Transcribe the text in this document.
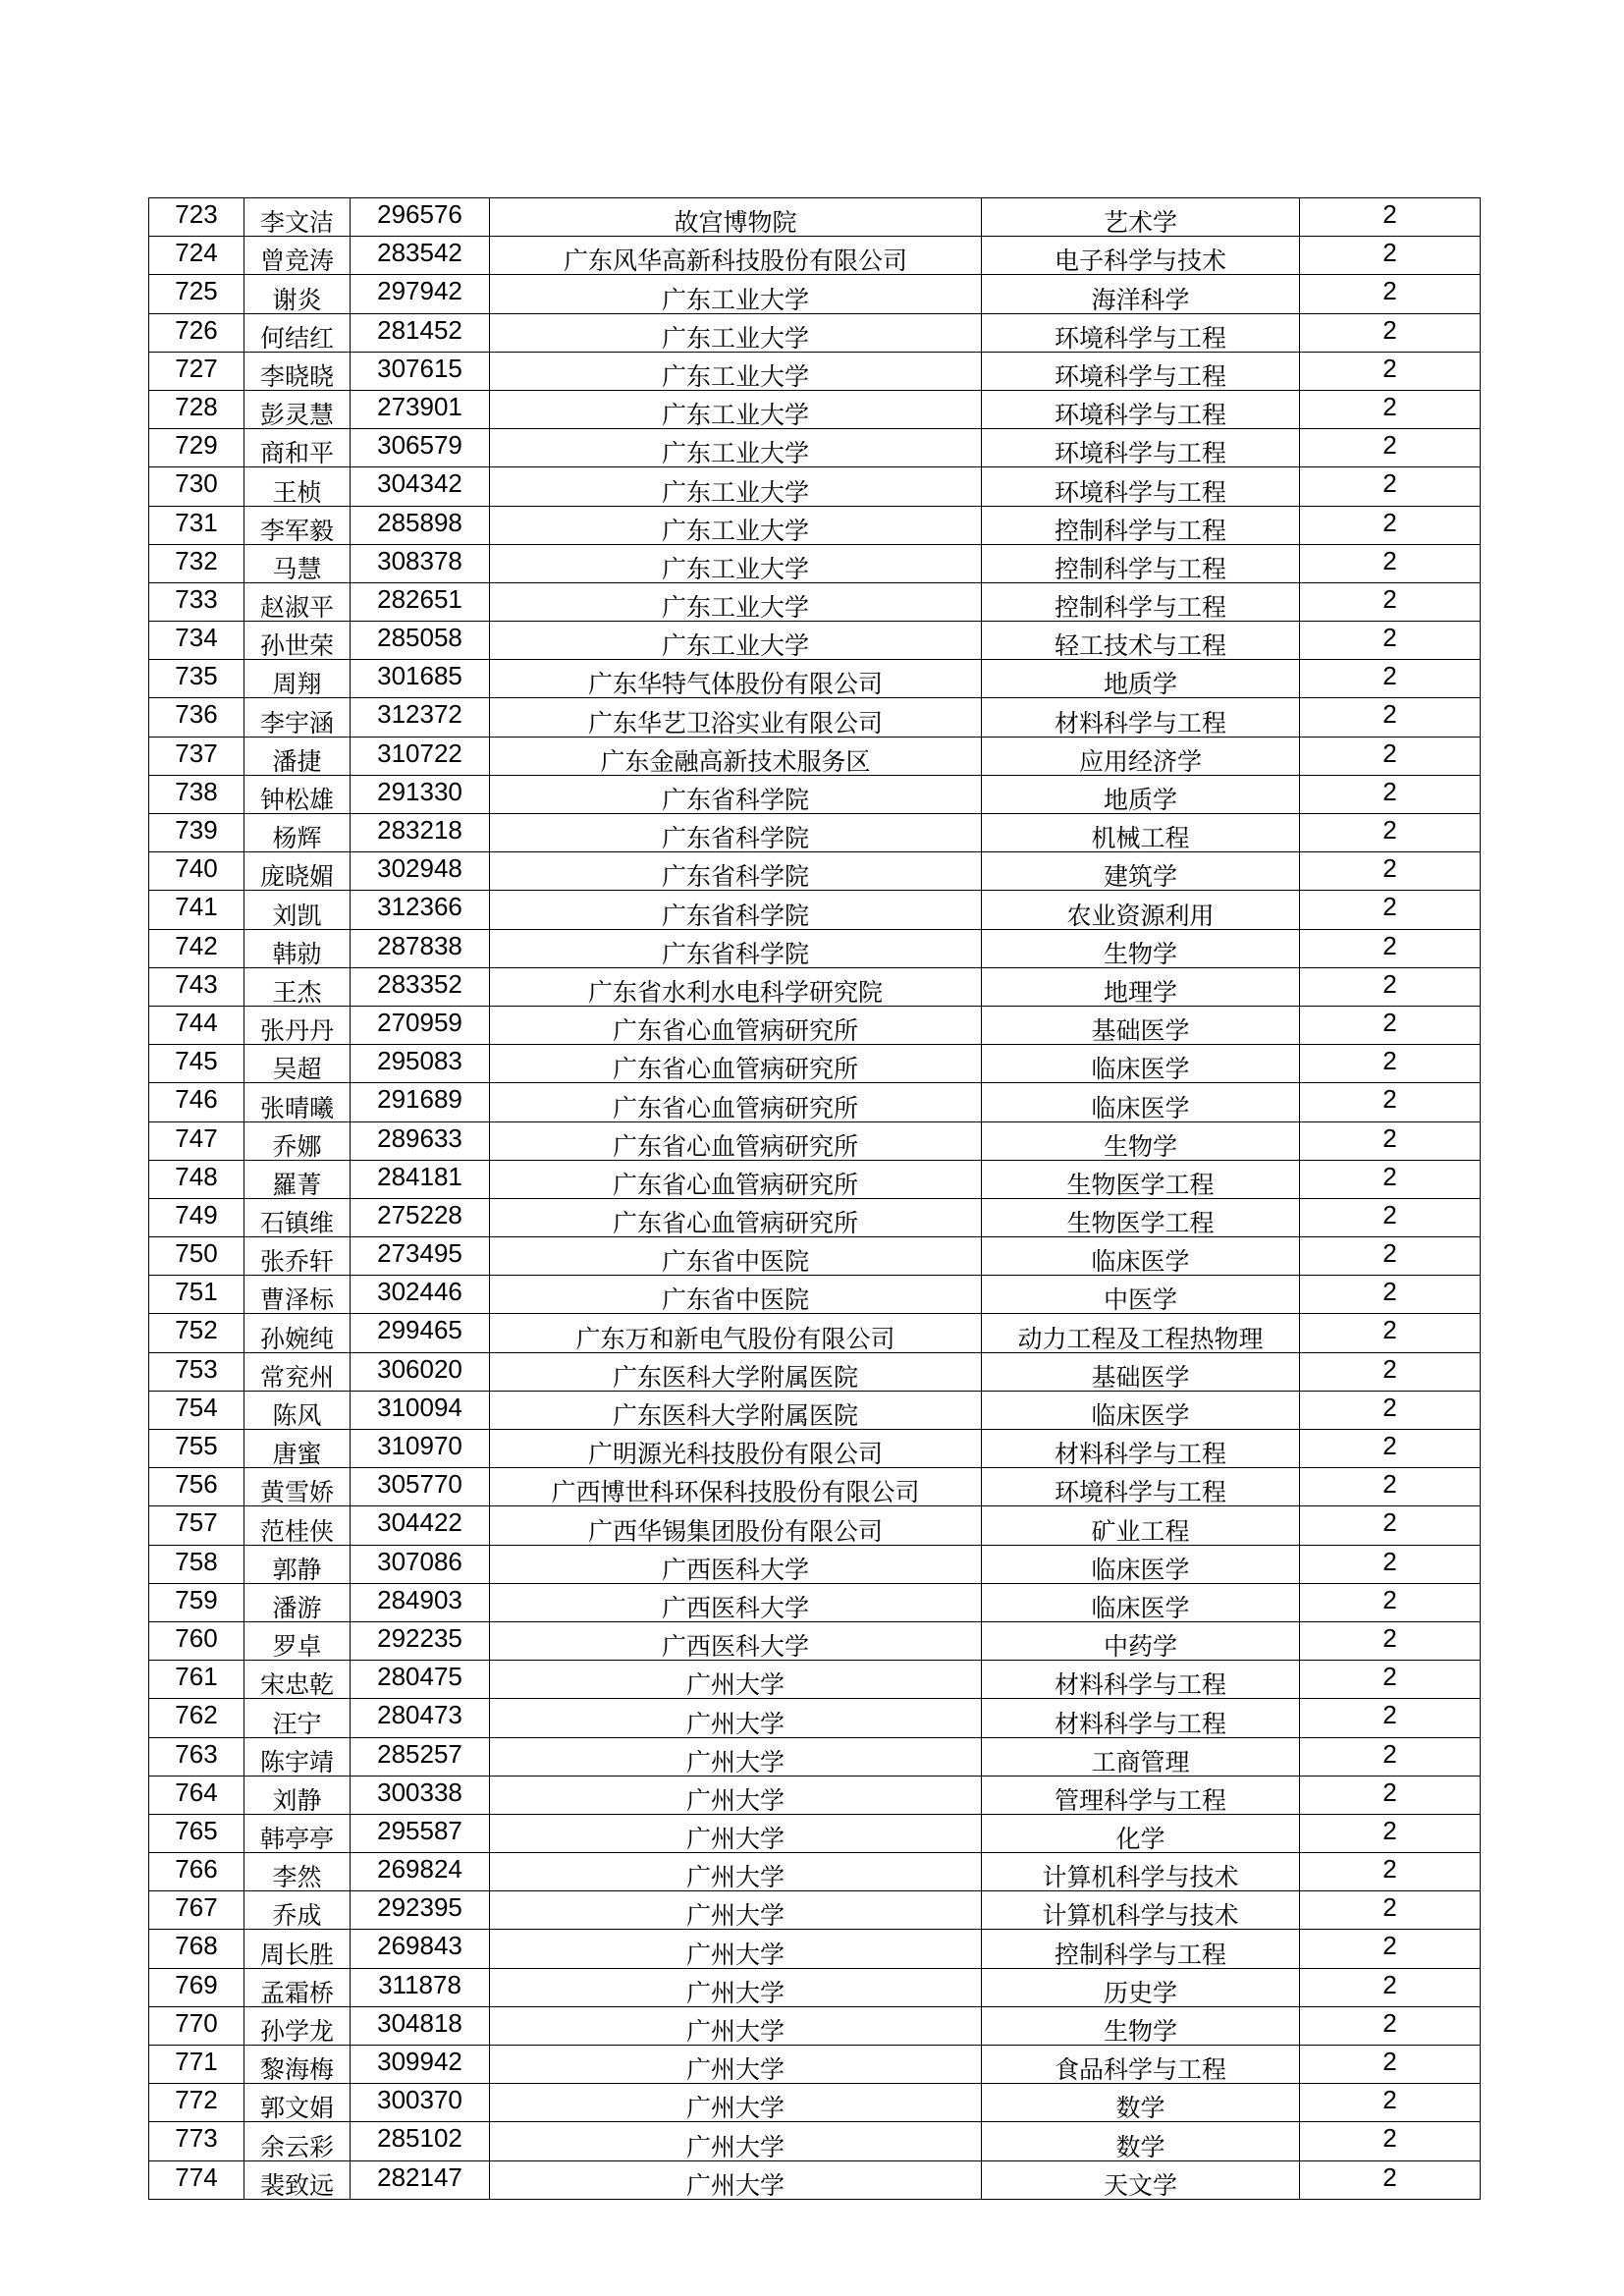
723	李文洁	296576	故宫博物院	艺术学	2
724	曾竞涛	283542	广东风华高新科技股份有限公司	电子科学与技术	2
725	谢炎	297942	广东工业大学	海洋科学	2
726	何结红	281452	广东工业大学	环境科学与工程	2
727	李晓晓	307615	广东工业大学	环境科学与工程	2
728	彭灵慧	273901	广东工业大学	环境科学与工程	2
729	商和平	306579	广东工业大学	环境科学与工程	2
730	王桢	304342	广东工业大学	环境科学与工程	2
731	李军毅	285898	广东工业大学	控制科学与工程	2
732	马慧	308378	广东工业大学	控制科学与工程	2
733	赵淑平	282651	广东工业大学	控制科学与工程	2
734	孙世荣	285058	广东工业大学	轻工技术与工程	2
735	周翔	301685	广东华特气体股份有限公司	地质学	2
736	李宇涵	312372	广东华艺卫浴实业有限公司	材料科学与工程	2
737	潘捷	310722	广东金融高新技术服务区	应用经济学	2
738	钟松雄	291330	广东省科学院	地质学	2
739	杨辉	283218	广东省科学院	机械工程	2
740	庞晓媚	302948	广东省科学院	建筑学	2
741	刘凯	312366	广东省科学院	农业资源利用	2
742	韩勍	287838	广东省科学院	生物学	2
743	王杰	283352	广东省水利水电科学研究院	地理学	2
744	张丹丹	270959	广东省心血管病研究所	基础医学	2
745	吴超	295083	广东省心血管病研究所	临床医学	2
746	张晴曦	291689	广东省心血管病研究所	临床医学	2
747	乔娜	289633	广东省心血管病研究所	生物学	2
748	羅菁	284181	广东省心血管病研究所	生物医学工程	2
749	石镇维	275228	广东省心血管病研究所	生物医学工程	2
750	张乔轩	273495	广东省中医院	临床医学	2
751	曹泽标	302446	广东省中医院	中医学	2
752	孙婉纯	299465	广东万和新电气股份有限公司	动力工程及工程热物理	2
753	常兖州	306020	广东医科大学附属医院	基础医学	2
754	陈风	310094	广东医科大学附属医院	临床医学	2
755	唐蜜	310970	广明源光科技股份有限公司	材料科学与工程	2
756	黄雪娇	305770	广西博世科环保科技股份有限公司	环境科学与工程	2
757	范桂侠	304422	广西华锡集团股份有限公司	矿业工程	2
758	郭静	307086	广西医科大学	临床医学	2
759	潘游	284903	广西医科大学	临床医学	2
760	罗卓	292235	广西医科大学	中药学	2
761	宋忠乾	280475	广州大学	材料科学与工程	2
762	汪宁	280473	广州大学	材料科学与工程	2
763	陈宇靖	285257	广州大学	工商管理	2
764	刘静	300338	广州大学	管理科学与工程	2
765	韩亭亭	295587	广州大学	化学	2
766	李然	269824	广州大学	计算机科学与技术	2
767	乔成	292395	广州大学	计算机科学与技术	2
768	周长胜	269843	广州大学	控制科学与工程	2
769	孟霜桥	311878	广州大学	历史学	2
770	孙学龙	304818	广州大学	生物学	2
771	黎海梅	309942	广州大学	食品科学与工程	2
772	郭文娟	300370	广州大学	数学	2
773	余云彩	285102	广州大学	数学	2
774	裴致远	282147	广州大学	天文学	2
